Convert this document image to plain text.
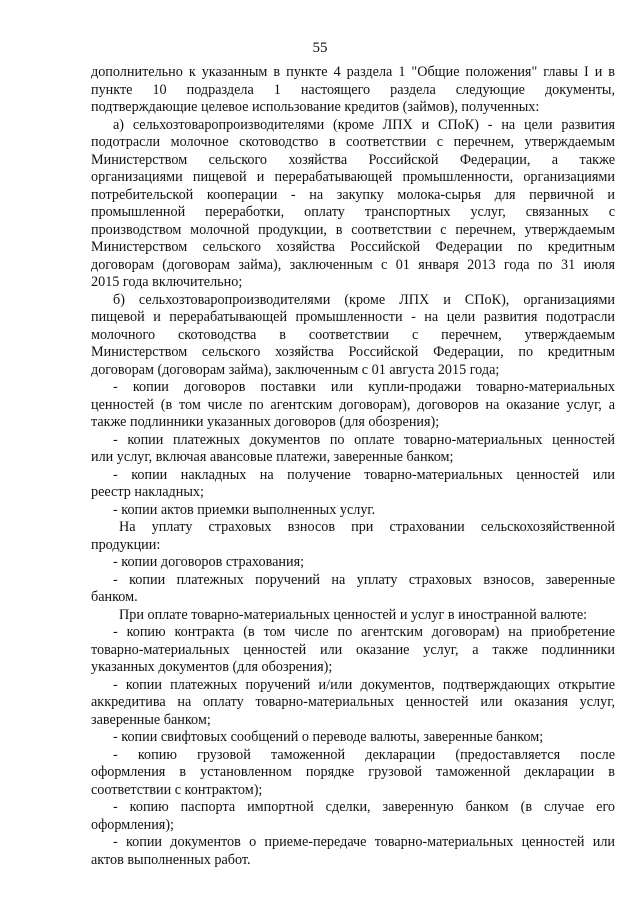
55
дополнительно к указанным в пункте 4 раздела 1 "Общие положения" главы I и в
пункте 10 подраздела 1 настоящего раздела следующие документы,
подтверждающие целевое использование кредитов (займов), полученных:
а) сельхозтоваропроизводителями (кроме ЛПХ и СПоК) - на цели развития
подотрасли молочное скотоводство в соответствии с перечнем, утверждаемым
Министерством сельского хозяйства Российской Федерации, а также
организациями пищевой и перерабатывающей промышленности, организациями
потребительской кооперации - на закупку молока-сырья для первичной и
промышленной переработки, оплату транспортных услуг, связанных с
производством молочной продукции, в соответствии с перечнем, утверждаемым
Министерством сельского хозяйства Российской Федерации по кредитным
договорам (договорам займа), заключенным с 01 января 2013 года по 31 июля
2015 года включительно;
б) сельхозтоваропроизводителями (кроме ЛПХ и СПоК), организациями
пищевой и перерабатывающей промышленности - на цели развития подотрасли
молочного скотоводства в соответствии с перечнем, утверждаемым
Министерством сельского хозяйства Российской Федерации, по кредитным
договорам (договорам займа), заключенным с 01 августа 2015 года;
- копии договоров поставки или купли-продажи товарно-материальных
ценностей (в том числе по агентским договорам), договоров на оказание услуг, а
также подлинники указанных договоров (для обозрения);
- копии платежных документов по оплате товарно-материальных ценностей
или услуг, включая авансовые платежи, заверенные банком;
- копии накладных на получение товарно-материальных ценностей или
реестр накладных;
- копии актов приемки выполненных услуг.
На уплату страховых взносов при страховании сельскохозяйственной
продукции:
- копии договоров страхования;
- копии платежных поручений на уплату страховых взносов, заверенные
банком.
При оплате товарно-материальных ценностей и услуг в иностранной валюте:
- копию контракта (в том числе по агентским договорам) на приобретение
товарно-материальных ценностей или оказание услуг, а также подлинники
указанных документов (для обозрения);
- копии платежных поручений и/или документов, подтверждающих открытие
аккредитива на оплату товарно-материальных ценностей или оказания услуг,
заверенные банком;
- копии свифтовых сообщений о переводе валюты, заверенные банком;
- копию грузовой таможенной декларации (предоставляется после
оформления в установленном порядке грузовой таможенной декларации в
соответствии с контрактом);
- копию паспорта импортной сделки, заверенную банком (в случае его
оформления);
- копии документов о приеме-передаче товарно-материальных ценностей или
актов выполненных работ.
